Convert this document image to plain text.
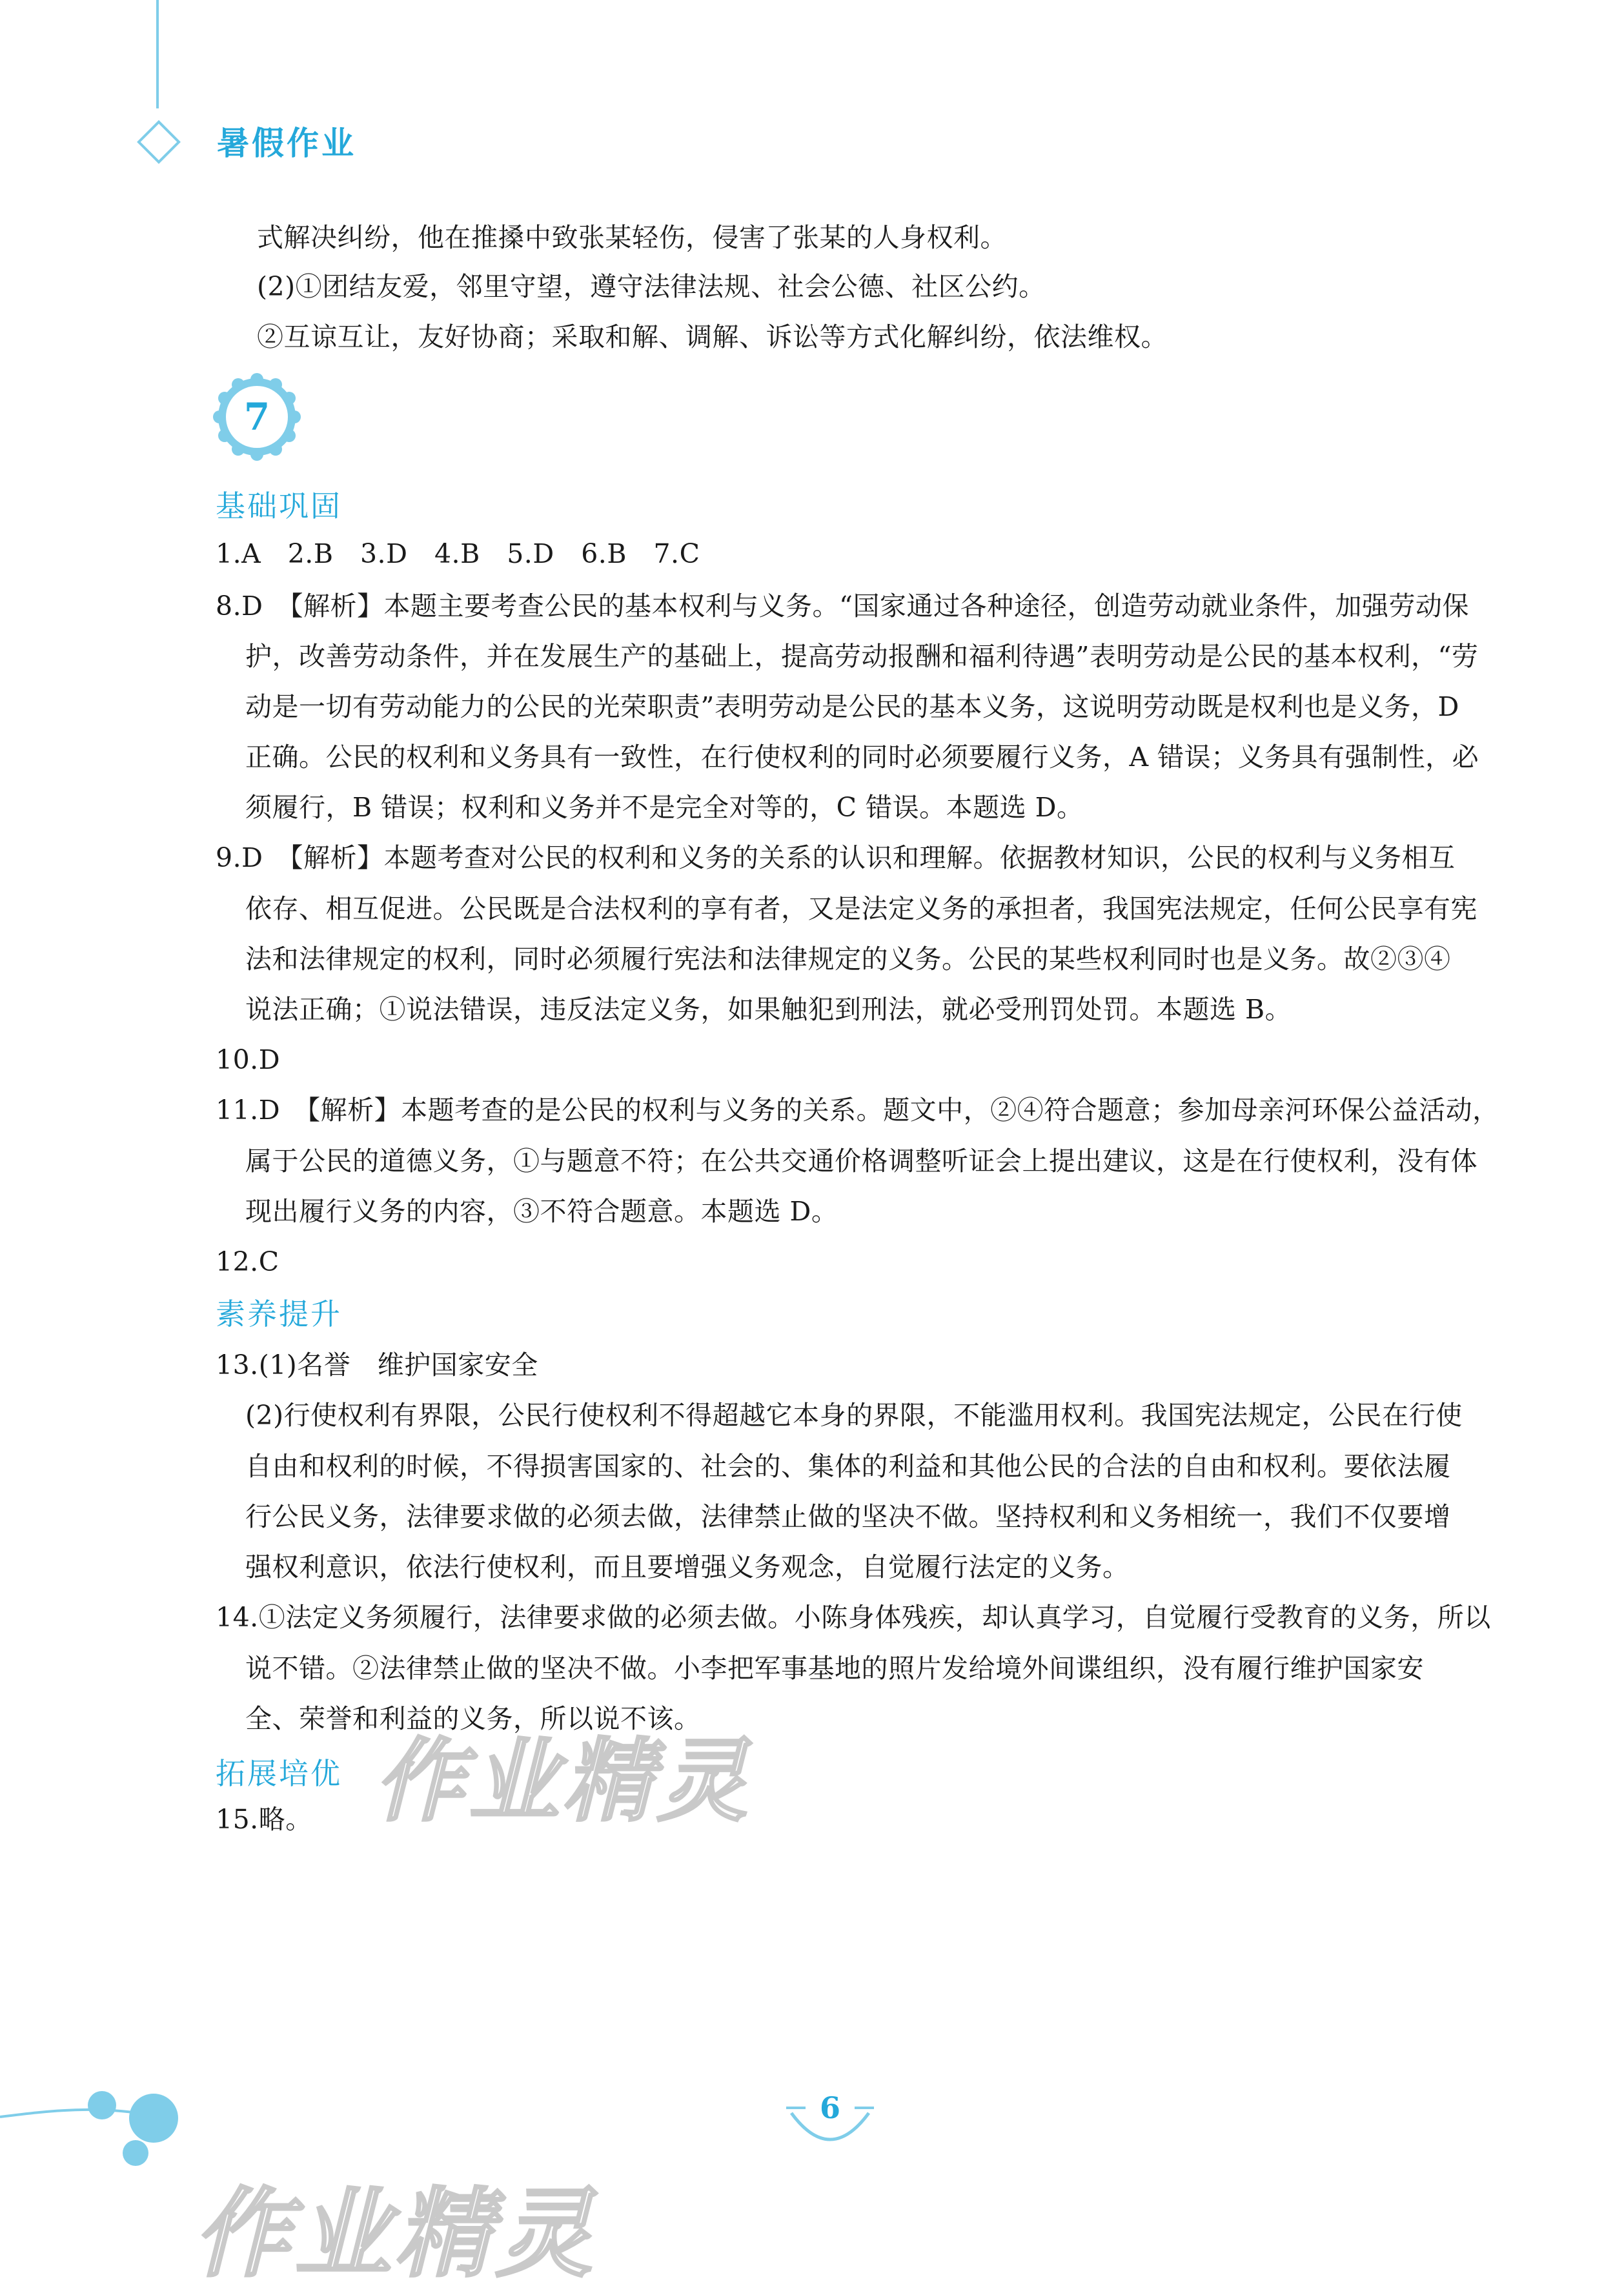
暑假作业
式解决纠纷，他在推搡中致张某轻伤，侵害了张某的人身权利。
(2)①团结友爱，邻里守望，遵守法律法规、社会公德、社区公约。
②互谅互让，友好协商；采取和解、调解、诉讼等方式化解纠纷，依法维权。
7
基础巩固
1.A　2.B　3.D　4.B　5.D　6.B　7.C
8.D　【解析】本题主要考查公民的基本权利与义务。“国家通过各种途径，创造劳动就业条件，加强劳动保
护，改善劳动条件，并在发展生产的基础上，提高劳动报酬和福利待遇”表明劳动是公民的基本权利，“劳
动是一切有劳动能力的公民的光荣职责”表明劳动是公民的基本义务，这说明劳动既是权利也是义务，D
正确。公民的权利和义务具有一致性，在行使权利的同时必须要履行义务，A 错误；义务具有强制性，必
须履行，B 错误；权利和义务并不是完全对等的，C 错误。本题选 D。
9.D　【解析】本题考查对公民的权利和义务的关系的认识和理解。依据教材知识，公民的权利与义务相互
依存、相互促进。公民既是合法权利的享有者，又是法定义务的承担者，我国宪法规定，任何公民享有宪
法和法律规定的权利，同时必须履行宪法和法律规定的义务。公民的某些权利同时也是义务。故②③④
说法正确；①说法错误，违反法定义务，如果触犯到刑法，就必受刑罚处罚。本题选 B。
10.D
11.D　【解析】本题考查的是公民的权利与义务的关系。题文中，②④符合题意；参加母亲河环保公益活动，
属于公民的道德义务，①与题意不符；在公共交通价格调整听证会上提出建议，这是在行使权利，没有体
现出履行义务的内容，③不符合题意。本题选 D。
12.C
素养提升
13.(1)名誉　维护国家安全
(2)行使权利有界限，公民行使权利不得超越它本身的界限，不能滥用权利。我国宪法规定，公民在行使
自由和权利的时候，不得损害国家的、社会的、集体的利益和其他公民的合法的自由和权利。要依法履
行公民义务，法律要求做的必须去做，法律禁止做的坚决不做。坚持权利和义务相统一，我们不仅要增
强权利意识，依法行使权利，而且要增强义务观念，自觉履行法定的义务。
14.①法定义务须履行，法律要求做的必须去做。小陈身体残疾，却认真学习，自觉履行受教育的义务，所以
说不错。②法律禁止做的坚决不做。小李把军事基地的照片发给境外间谍组织，没有履行维护国家安
全、荣誉和利益的义务，所以说不该。
拓展培优
15.略。 作业精灵
6
作业精灵
